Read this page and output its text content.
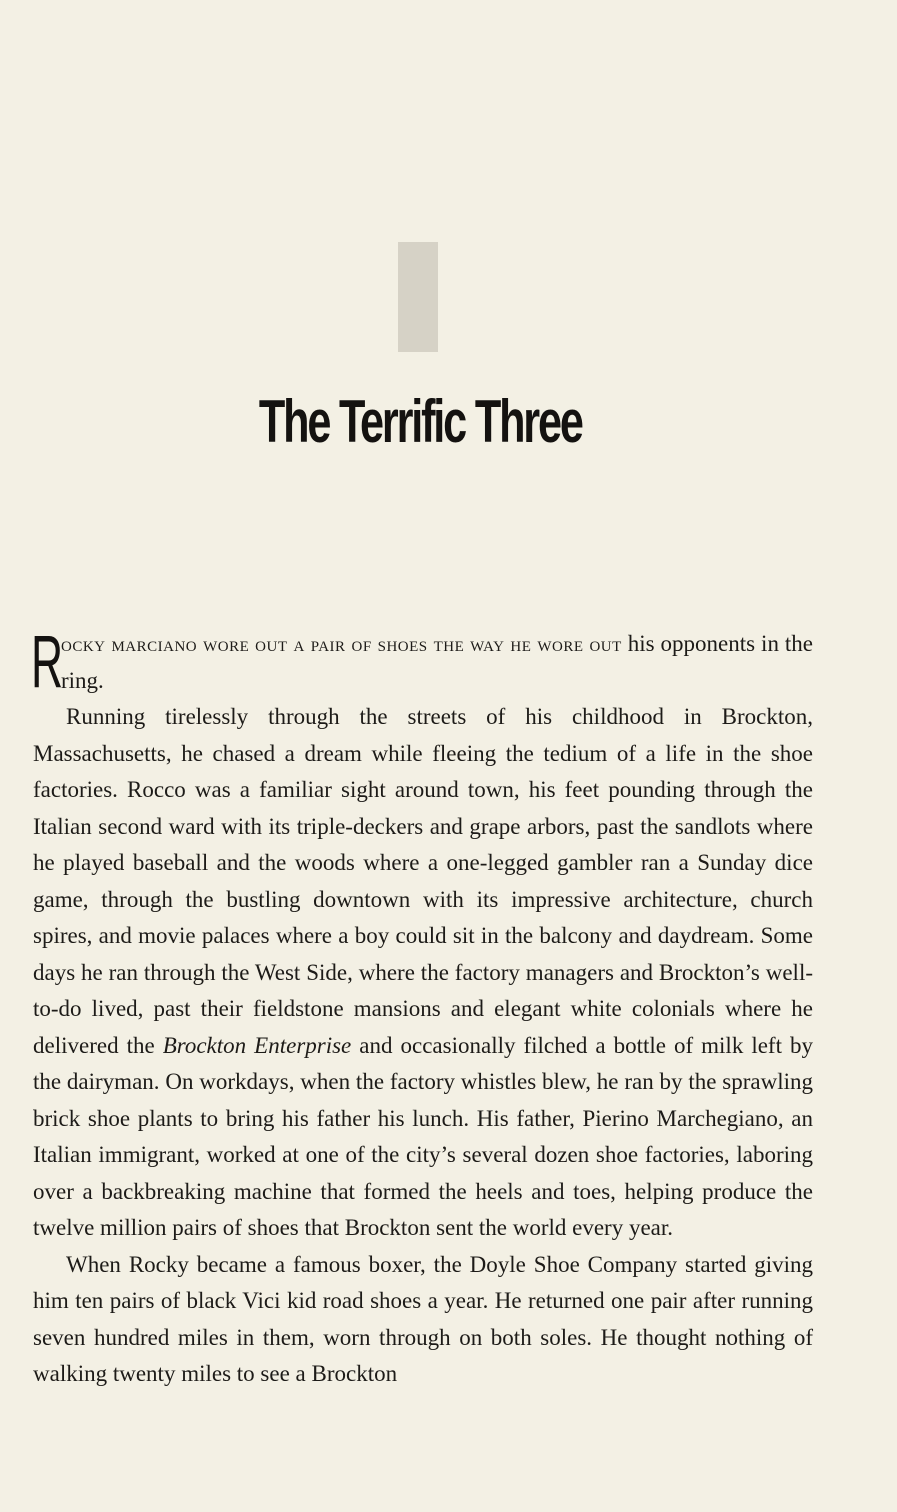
The Terrific Three

R
ocky marciano wore out a pair of shoes the way he wore out his opponents in the ring.

Running tirelessly through the streets of his childhood in Brockton, Massachusetts, he chased a dream while fleeing the tedium of a life in the shoe factories. Rocco was a familiar sight around town, his feet pounding through the Italian second ward with its triple-deckers and grape arbors, past the sandlots where he played baseball and the woods where a one-legged gambler ran a Sunday dice game, through the bustling downtown with its impressive architecture, church spires, and movie palaces where a boy could sit in the balcony and daydream. Some days he ran through the West Side, where the factory managers and Brockton’s well-to-do lived, past their fieldstone mansions and elegant white colonials where he delivered the Brockton Enterprise and occasionally filched a bottle of milk left by the dairyman. On workdays, when the factory whistles blew, he ran by the sprawling brick shoe plants to bring his father his lunch. His father, Pierino Marchegiano, an Italian immigrant, worked at one of the city’s several dozen shoe factories, laboring over a backbreaking machine that formed the heels and toes, helping produce the twelve million pairs of shoes that Brockton sent the world every year.

When Rocky became a famous boxer, the Doyle Shoe Company started giving him ten pairs of black Vici kid road shoes a year. He returned one pair after running seven hundred miles in them, worn through on both soles. He thought nothing of walking twenty miles to see a Brockton
